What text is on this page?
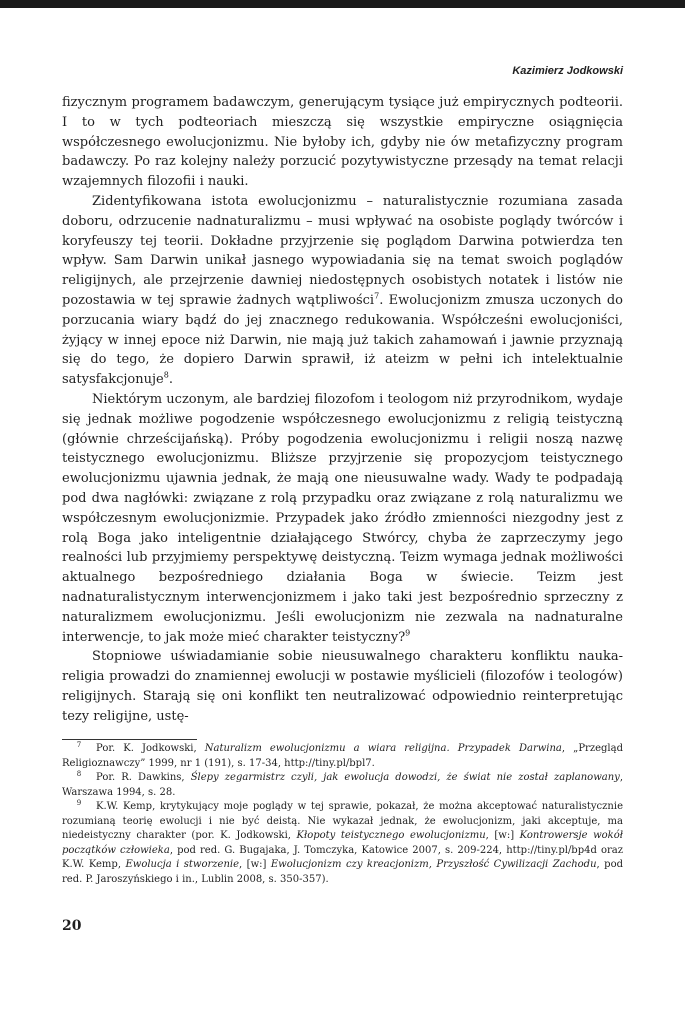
Kazimierz Jodkowski

fizycznym programem badawczym, generującym tysiące już empirycznych podteorii. I to w tych podteoriach mieszczą się wszystkie empiryczne osiągnięcia współczesnego ewolucjonizmu. Nie byłoby ich, gdyby nie ów metafizyczny program badawczy. Po raz kolejny należy porzucić pozytywistyczne przesądy na temat relacji wzajemnych filozofii i nauki.

Zidentyfikowana istota ewolucjonizmu – naturalistycznie rozumiana zasada doboru, odrzucenie nadnaturalizmu – musi wpływać na osobiste poglądy twórców i koryfeuszy tej teorii. Dokładne przyjrzenie się poglądom Darwina potwierdza ten wpływ. Sam Darwin unikał jasnego wypowiadania się na temat swoich poglądów religijnych, ale przejrzenie dawniej niedostępnych osobistych notatek i listów nie pozostawia w tej sprawie żadnych wątpliwości$^7$. Ewolucjonizm zmusza uczonych do porzucania wiary bądź do jej znacznego redukowania. Współcześni ewolucjoniści, żyjący w innej epoce niż Darwin, nie mają już takich zahamowań i jawnie przyznają się do tego, że dopiero Darwin sprawił, iż ateizm w pełni ich intelektualnie satysfakcjonuje$^8$.

Niektórym uczonym, ale bardziej filozofom i teologom niż przyrodnikom, wydaje się jednak możliwe pogodzenie współczesnego ewolucjonizmu z religią teistyczną (głównie chrześcijańską). Próby pogodzenia ewolucjonizmu i religii noszą nazwę teistycznego ewolucjonizmu. Bliższe przyjrzenie się propozycjom teistycznego ewolucjonizmu ujawnia jednak, że mają one nieusuwalne wady. Wady te podpadają pod dwa nagłówki: związane z rolą przypadku oraz związane z rolą naturalizmu we współczesnym ewolucjonizmie. Przypadek jako źródło zmienności niezgodny jest z rolą Boga jako inteligentnie działającego Stwórcy, chyba że zaprzeczymy jego realności lub przyjmiemy perspektywę deistyczną. Teizm wymaga jednak możliwości aktualnego bezpośredniego działania Boga w świecie. Teizm jest nadnaturalistycznym interwencjonizmem i jako taki jest bezpośrednio sprzeczny z naturalizmem ewolucjonizmu. Jeśli ewolucjonizm nie zezwala na nadnaturalne interwencje, to jak może mieć charakter teistyczny?$^9$

Stopniowe uświadamianie sobie nieusuwalnego charakteru konfliktu nauka-religia prowadzi do znamiennej ewolucji w postawie myślicieli (filozofów i teologów) religijnych. Starają się oni konflikt ten neutralizować odpowiednio reinterpretując tezy religijne, ustę-

7 Por. K. Jodkowski, Naturalizm ewolucjonizmu a wiara religijna. Przypadek Darwina, „Przegląd Religioznawczy” 1999, nr 1 (191), s. 17-34, http://tiny.pl/bpl7.

8 Por. R. Dawkins, Ślepy zegarmistrz czyli, jak ewolucja dowodzi, że świat nie został zaplanowany, Warszawa 1994, s. 28.

9 K.W. Kemp, krytykujący moje poglądy w tej sprawie, pokazał, że można akceptować naturalistycznie rozumianą teorię ewolucji i nie być deistą. Nie wykazał jednak, że ewolucjonizm, jaki akceptuje, ma niedeistyczny charakter (por. K. Jodkowski, Kłopoty teistycznego ewolucjonizmu, [w:] Kontrowersje wokół początków człowieka, pod red. G. Bugajaka, J. Tomczyka, Katowice 2007, s. 209-224, http://tiny.pl/bp4d oraz K.W. Kemp, Ewolucja i stworzenie, [w:] Ewolucjonizm czy kreacjonizm, Przyszłość Cywilizacji Zachodu, pod red. P. Jaroszyńskiego i in., Lublin 2008, s. 350-357).

20
